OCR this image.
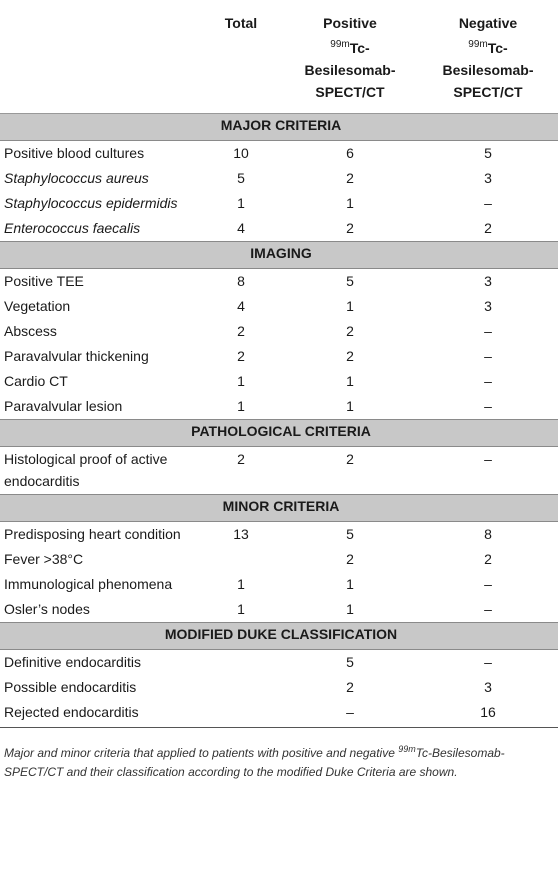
	Total	Positive
$^{99m}$Tc-
Besilesomab-
SPECT/CT	Negative
$^{99m}$Tc-
Besilesomab-
SPECT/CT
MAJOR CRITERIA			
Positive blood cultures	10	6	5
Staphylococcus aureus	5	2	3
Staphylococcus epidermidis	1	1	–
Enterococcus faecalis	4	2	2
IMAGING			
Positive TEE	8	5	3
Vegetation	4	1	3
Abscess	2	2	–
Paravalvular thickening	2	2	–
Cardio CT	1	1	–
Paravalvular lesion	1	1	–
PATHOLOGICAL CRITERIA			
Histological proof of active endocarditis	2	2	–
MINOR CRITERIA			
Predisposing heart condition	13	5	8
Fever >38°C		2	2
Immunological phenomena	1	1	–
Osler’s nodes	1	1	–
MODIFIED DUKE CLASSIFICATION			
Definitive endocarditis		5	–
Possible endocarditis		2	3
Rejected endocarditis		–	16
Major and minor criteria that applied to patients with positive and negative $^{99m}$Tc-Besilesomab-SPECT/CT and their classification according to the modified Duke Criteria are shown.
